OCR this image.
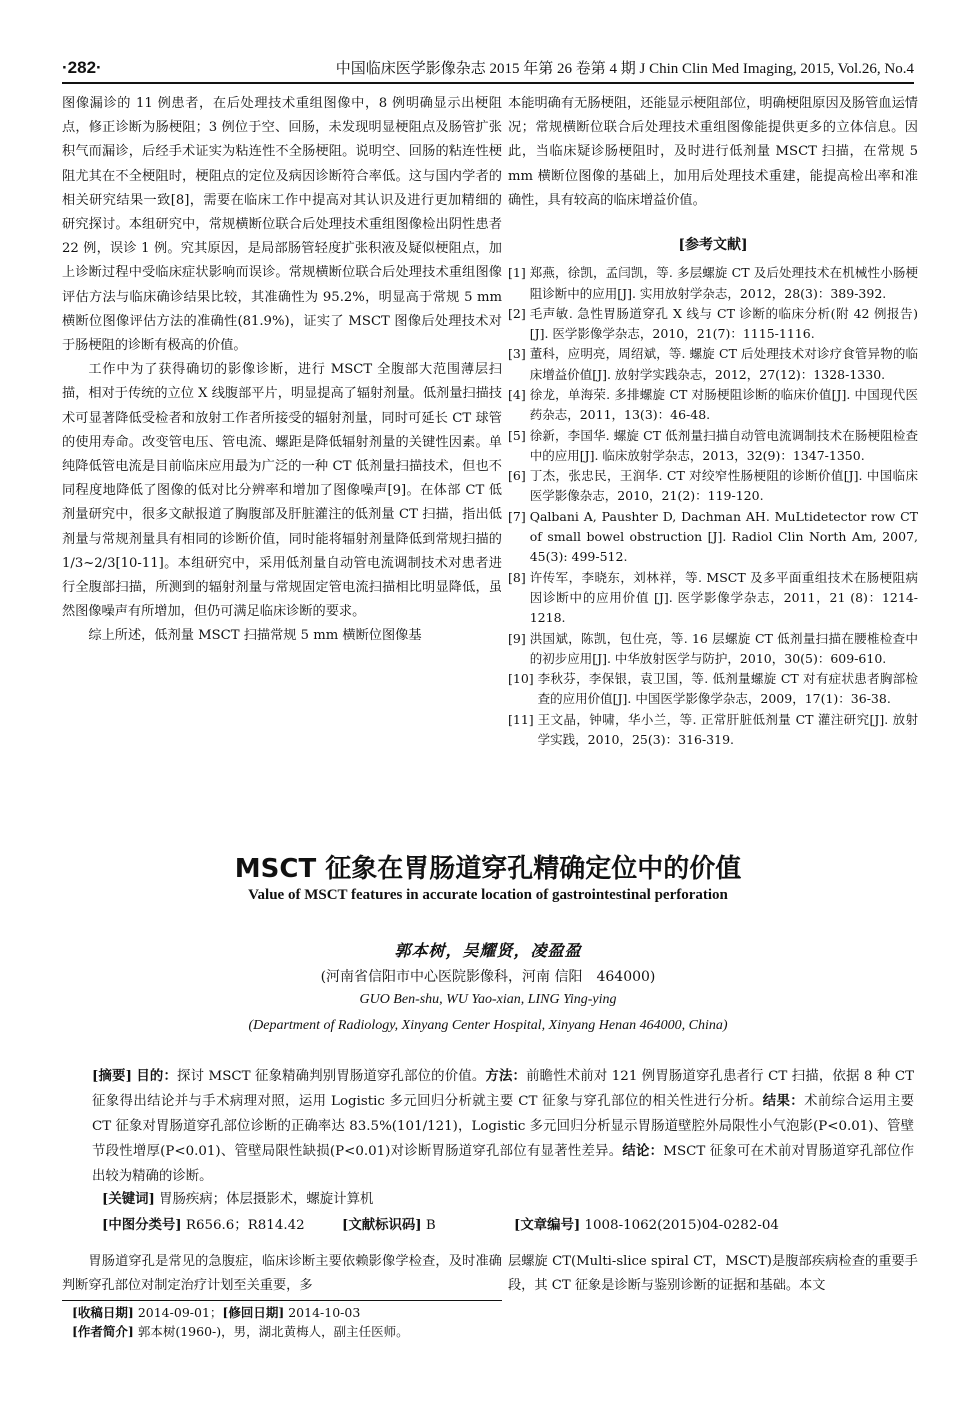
·282·	中国临床医学影像杂志 2015 年第 26 卷第 4 期 J Chin Clin Med Imaging, 2015, Vol.26, No.4

图像漏诊的 11 例患者，在后处理技术重组图像中，8 例明确显示出梗阻点，修正诊断为肠梗阻；3 例位于空、回肠，未发现明显梗阻点及肠管扩张积气而漏诊，后经手术证实为粘连性不全肠梗阻。说明空、回肠的粘连性梗阻尤其在不全梗阻时，梗阻点的定位及病因诊断符合率低。这与国内学者的相关研究结果一致[8]，需要在临床工作中提高对其认识及进行更加精细的研究探讨。本组研究中，常规横断位联合后处理技术重组图像检出阴性患者 22 例，误诊 1 例。究其原因，是局部肠管轻度扩张积液及疑似梗阻点，加上诊断过程中受临床症状影响而误诊。常规横断位联合后处理技术重组图像评估方法与临床确诊结果比较，其准确性为 95.2%，明显高于常规 5 mm 横断位图像评估方法的准确性(81.9%)，证实了 MSCT 图像后处理技术对于肠梗阻的诊断有极高的价值。

工作中为了获得确切的影像诊断，进行 MSCT 全腹部大范围薄层扫描，相对于传统的立位 X 线腹部平片，明显提高了辐射剂量。低剂量扫描技术可显著降低受检者和放射工作者所接受的辐射剂量，同时可延长 CT 球管的使用寿命。改变管电压、管电流、螺距是降低辐射剂量的关键性因素。单纯降低管电流是目前临床应用最为广泛的一种 CT 低剂量扫描技术，但也不同程度地降低了图像的低对比分辨率和增加了图像噪声[9]。在体部 CT 低剂量研究中，很多文献报道了胸腹部及肝脏灌注的低剂量 CT 扫描，指出低剂量与常规剂量具有相同的诊断价值，同时能将辐射剂量降低到常规扫描的 1/3~2/3[10-11]。本组研究中，采用低剂量自动管电流调制技术对患者进行全腹部扫描，所测到的辐射剂量与常规固定管电流扫描相比明显降低，虽然图像噪声有所增加，但仍可满足临床诊断的要求。

综上所述，低剂量 MSCT 扫描常规 5 mm 横断位图像基

本能明确有无肠梗阻，还能显示梗阻部位，明确梗阻原因及肠管血运情况；常规横断位联合后处理技术重组图像能提供更多的立体信息。因此，当临床疑诊肠梗阻时，及时进行低剂量 MSCT 扫描，在常规 5 mm 横断位图像的基础上，加用后处理技术重建，能提高检出率和准确性，具有较高的临床增益价值。

[参考文献]
[1] 郑燕，徐凯，孟闫凯，等. 多层螺旋 CT 及后处理技术在机械性小肠梗阻诊断中的应用[J]. 实用放射学杂志，2012，28(3)：389-392.
[2] 毛声敏. 急性胃肠道穿孔 X 线与 CT 诊断的临床分析(附 42 例报告)[J]. 医学影像学杂志，2010，21(7)：1115-1116.
[3] 董科，应明亮，周绍斌，等. 螺旋 CT 后处理技术对诊疗食管异物的临床增益价值[J]. 放射学实践杂志，2012，27(12)：1328-1330.
[4] 徐龙，单海荣. 多排螺旋 CT 对肠梗阻诊断的临床价值[J]. 中国现代医药杂志，2011，13(3)：46-48.
[5] 徐新，李国华. 螺旋 CT 低剂量扫描自动管电流调制技术在肠梗阻检查中的应用[J]. 临床放射学杂志，2013，32(9)：1347-1350.
[6] 丁杰，张忠民，王润华. CT 对绞窄性肠梗阻的诊断价值[J]. 中国临床医学影像杂志，2010，21(2)：119-120.
[7] Qalbani A, Paushter D, Dachman AH. MuLtidetector row CT of small bowel obstruction [J]. Radiol Clin North Am, 2007, 45(3): 499-512.
[8] 许传军，李晓东，刘林祥，等. MSCT 及多平面重组技术在肠梗阻病因诊断中的应用价值 [J]. 医学影像学杂志，2011，21 (8)：1214-1218.
[9] 洪国斌，陈凯，包仕亮，等. 16 层螺旋 CT 低剂量扫描在腰椎检查中的初步应用[J]. 中华放射医学与防护，2010，30(5)：609-610.
[10] 李秋芬，李保银，袁卫国，等. 低剂量螺旋 CT 对有症状患者胸部检查的应用价值[J]. 中国医学影像学杂志，2009，17(1)：36-38.
[11] 王文晶，钟啸，华小兰，等. 正常肝脏低剂量 CT 灌注研究[J]. 放射学实践，2010，25(3)：316-319.
MSCT 征象在胃肠道穿孔精确定位中的价值
Value of MSCT features in accurate location of gastrointestinal perforation
郭本树，吴耀贤，凌盈盈
(河南省信阳市中心医院影像科，河南 信阳　464000)
GUO Ben-shu, WU Yao-xian, LING Ying-ying
(Department of Radiology, Xinyang Center Hospital, Xinyang Henan 464000, China)
[摘要] 目的：探讨 MSCT 征象精确判别胃肠道穿孔部位的价值。方法：前瞻性术前对 121 例胃肠道穿孔患者行 CT 扫描，依据 8 种 CT 征象得出结论并与手术病理对照，运用 Logistic 多元回归分析就主要 CT 征象与穿孔部位的相关性进行分析。结果：术前综合运用主要 CT 征象对胃肠道穿孔部位诊断的正确率达 83.5%(101/121)，Logistic 多元回归分析显示胃肠道壁腔外局限性小气泡影(P<0.01)、管壁节段性增厚(P<0.01)、管壁局限性缺损(P<0.01)对诊断胃肠道穿孔部位有显著性差异。结论：MSCT 征象可在术前对胃肠道穿孔部位作出较为精确的诊断。
[关键词] 胃肠疾病；体层摄影术，螺旋计算机
[中图分类号] R656.6；R814.42	[文献标识码] B	[文章编号] 1008-1062(2015)04-0282-04

胃肠道穿孔是常见的急腹症，临床诊断主要依赖影像学检查，及时准确判断穿孔部位对制定治疗计划至关重要，多

层螺旋 CT(Multi-slice spiral CT，MSCT)是腹部疾病检查的重要手段，其 CT 征象是诊断与鉴别诊断的证据和基础。本文

[收稿日期] 2014-09-01；[修回日期] 2014-10-03
[作者简介] 郭本树(1960-)，男，湖北黄梅人，副主任医师。
